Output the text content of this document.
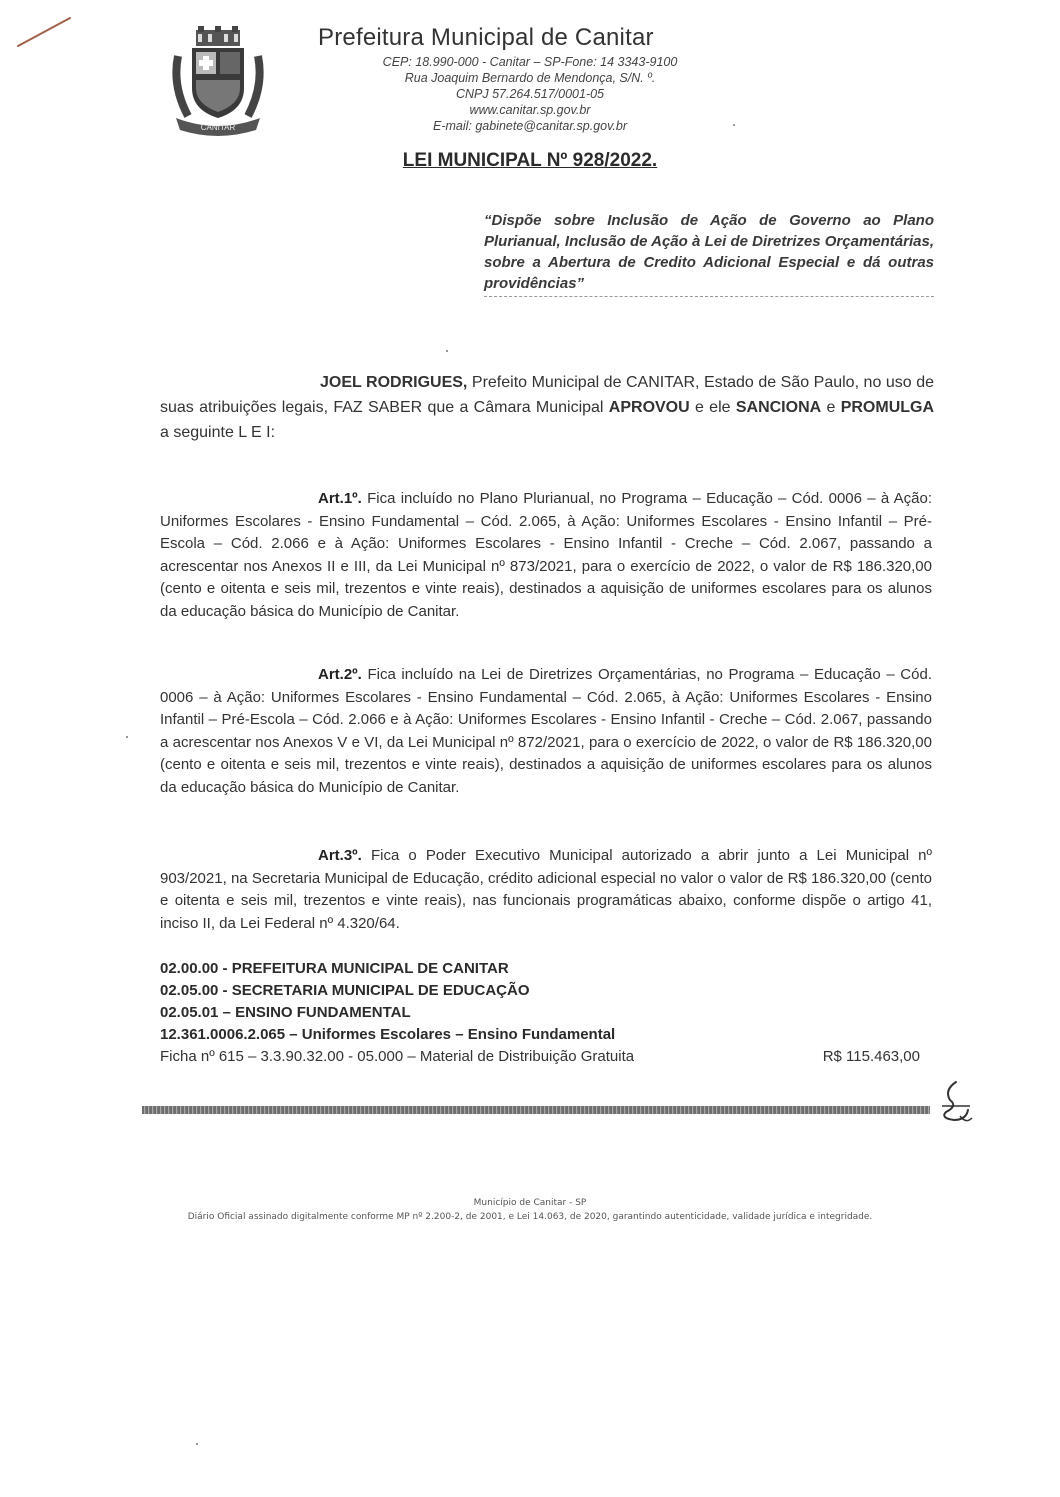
CANITAR
Prefeitura Municipal de Canitar
CEP: 18.990-000 - Canitar – SP-Fone: 14 3343-9100
Rua Joaquim Bernardo de Mendonça, S/N. º.
CNPJ 57.264.517/0001-05
www.canitar.sp.gov.br
E-mail: gabinete@canitar.sp.gov.br
LEI MUNICIPAL Nº 928/2022.
“Dispõe sobre Inclusão de Ação de Governo ao Plano Plurianual, Inclusão de Ação à Lei de Diretrizes Orçamentárias, sobre a Abertura de Credito Adicional Especial e dá outras providências”
JOEL RODRIGUES, Prefeito Municipal de CANITAR, Estado de São Paulo, no uso de suas atribuições legais, FAZ SABER que a Câmara Municipal APROVOU e ele SANCIONA e PROMULGA a seguinte L E I:
Art.1º. Fica incluído no Plano Plurianual, no Programa – Educação – Cód. 0006 – à Ação: Uniformes Escolares - Ensino Fundamental – Cód. 2.065, à Ação: Uniformes Escolares - Ensino Infantil – Pré-Escola – Cód. 2.066 e à Ação: Uniformes Escolares - Ensino Infantil - Creche – Cód. 2.067, passando a acrescentar nos Anexos II e III, da Lei Municipal nº 873/2021, para o exercício de 2022, o valor de R$ 186.320,00 (cento e oitenta e seis mil, trezentos e vinte reais), destinados a aquisição de uniformes escolares para os alunos da educação básica do Município de Canitar.
Art.2º. Fica incluído na Lei de Diretrizes Orçamentárias, no Programa – Educação – Cód. 0006 – à Ação: Uniformes Escolares - Ensino Fundamental – Cód. 2.065, à Ação: Uniformes Escolares - Ensino Infantil – Pré-Escola – Cód. 2.066 e à Ação: Uniformes Escolares - Ensino Infantil - Creche – Cód. 2.067, passando a acrescentar nos Anexos V e VI, da Lei Municipal nº 872/2021, para o exercício de 2022, o valor de R$ 186.320,00 (cento e oitenta e seis mil, trezentos e vinte reais), destinados a aquisição de uniformes escolares para os alunos da educação básica do Município de Canitar.
Art.3º. Fica o Poder Executivo Municipal autorizado a abrir junto a Lei Municipal nº 903/2021, na Secretaria Municipal de Educação, crédito adicional especial no valor o valor de R$ 186.320,00 (cento e oitenta e seis mil, trezentos e vinte reais), nas funcionais programáticas abaixo, conforme dispõe o artigo 41, inciso II, da Lei Federal nº 4.320/64.
02.00.00 - PREFEITURA MUNICIPAL DE CANITAR
02.05.00 - SECRETARIA MUNICIPAL DE EDUCAÇÃO
02.05.01 – ENSINO FUNDAMENTAL
12.361.0006.2.065 – Uniformes Escolares – Ensino Fundamental
Ficha nº 615 – 3.3.90.32.00 - 05.000 – Material de Distribuição Gratuita	R$ 115.463,00
Município de Canitar - SP
Diário Oficial assinado digitalmente conforme MP nº 2.200-2, de 2001, e Lei 14.063, de 2020, garantindo autenticidade, validade jurídica e integridade.
